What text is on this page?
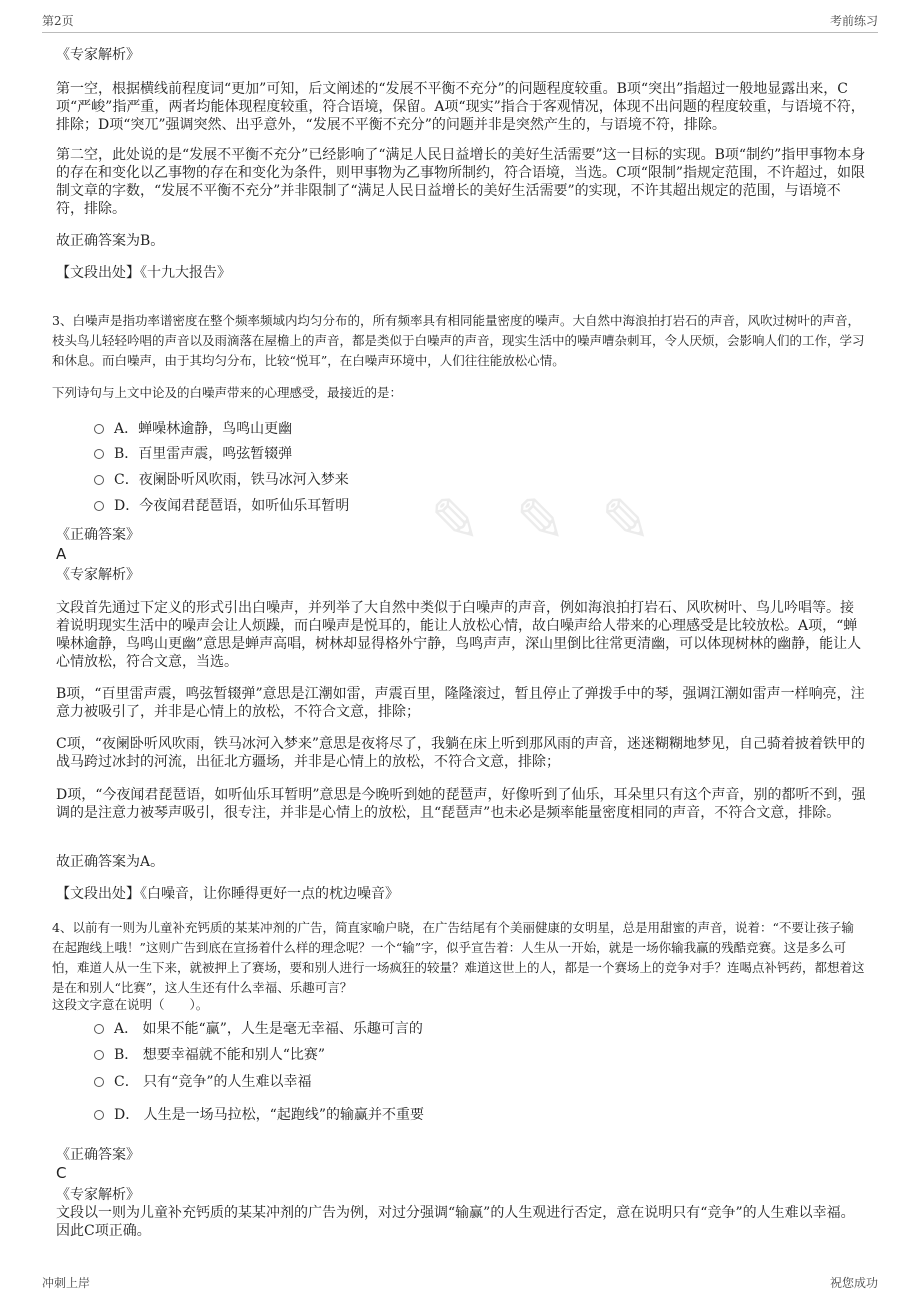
第2页	考前练习
✎ ✎ ✎
《专家解析》
第一空，根据横线前程度词“更加”可知，后文阐述的“发展不平衡不充分”的问题程度较重。B项“突出”指超过一般地显露出来，C项“严峻”指严重，两者均能体现程度较重，符合语境，保留。A项“现实”指合于客观情况，体现不出问题的程度较重，与语境不符，排除；D项“突兀”强调突然、出乎意外，“发展不平衡不充分”的问题并非是突然产生的，与语境不符，排除。
第二空，此处说的是“发展不平衡不充分”已经影响了“满足人民日益增长的美好生活需要”这一目标的实现。B项“制约”指甲事物本身的存在和变化以乙事物的存在和变化为条件，则甲事物为乙事物所制约，符合语境，当选。C项“限制”指规定范围，不许超过，如限制文章的字数，“发展不平衡不充分”并非限制了“满足人民日益增长的美好生活需要”的实现，不许其超出规定的范围，与语境不符，排除。
故正确答案为B。
【文段出处】《十九大报告》
3、白噪声是指功率谱密度在整个频率频域内均匀分布的，所有频率具有相同能量密度的噪声。大自然中海浪拍打岩石的声音，风吹过树叶的声音，枝头鸟儿轻轻吟唱的声音以及雨滴落在屋檐上的声音，都是类似于白噪声的声音，现实生活中的噪声嘈杂刺耳，令人厌烦，会影响人们的工作，学习和休息。而白噪声，由于其均匀分布，比较“悦耳”，在白噪声环境中，人们往往能放松心情。
下列诗句与上文中论及的白噪声带来的心理感受，最接近的是：
A．蝉噪林逾静，鸟鸣山更幽
B．百里雷声震，鸣弦暂辍弹
C．夜阑卧听风吹雨，铁马冰河入梦来
D．今夜闻君琵琶语，如听仙乐耳暂明
《正确答案》
A
《专家解析》
文段首先通过下定义的形式引出白噪声，并列举了大自然中类似于白噪声的声音，例如海浪拍打岩石、风吹树叶、鸟儿吟唱等。接着说明现实生活中的噪声会让人烦躁，而白噪声是悦耳的，能让人放松心情，故白噪声给人带来的心理感受是比较放松。A项，“蝉噪林逾静，鸟鸣山更幽”意思是蝉声高唱，树林却显得格外宁静，鸟鸣声声，深山里倒比往常更清幽，可以体现树林的幽静，能让人心情放松，符合文意，当选。
B项，“百里雷声震，鸣弦暂辍弹”意思是江潮如雷，声震百里，隆隆滚过，暂且停止了弹拨手中的琴，强调江潮如雷声一样响亮，注意力被吸引了，并非是心情上的放松，不符合文意，排除；
C项，“夜阑卧听风吹雨，铁马冰河入梦来”意思是夜将尽了，我躺在床上听到那风雨的声音，迷迷糊糊地梦见，自己骑着披着铁甲的战马跨过冰封的河流，出征北方疆场，并非是心情上的放松，不符合文意，排除；
D项，“今夜闻君琵琶语，如听仙乐耳暂明”意思是今晚听到她的琵琶声，好像听到了仙乐，耳朵里只有这个声音，别的都听不到，强调的是注意力被琴声吸引，很专注，并非是心情上的放松，且“琵琶声”也未必是频率能量密度相同的声音，不符合文意，排除。
故正确答案为A。
【文段出处】《白噪音，让你睡得更好一点的枕边噪音》
4、以前有一则为儿童补充钙质的某某冲剂的广告，简直家喻户晓，在广告结尾有个美丽健康的女明星，总是用甜蜜的声音，说着：“不要让孩子输在起跑线上哦！”这则广告到底在宣扬着什么样的理念呢？一个“输”字，似乎宣告着：人生从一开始，就是一场你输我赢的残酷竞赛。这是多么可怕，难道人从一生下来，就被押上了赛场，要和别人进行一场疯狂的较量？难道这世上的人，都是一个赛场上的竞争对手？连喝点补钙药，都想着这是在和别人“比赛”，这人生还有什么幸福、乐趣可言？
这段文字意在说明（　　）。
A． 如果不能“赢”，人生是毫无幸福、乐趣可言的
B． 想要幸福就不能和别人“比赛”
C． 只有“竞争”的人生难以幸福
D． 人生是一场马拉松，“起跑线”的输赢并不重要
《正确答案》
C
《专家解析》
文段以一则为儿童补充钙质的某某冲剂的广告为例，对过分强调“输赢”的人生观进行否定，意在说明只有“竞争”的人生难以幸福。因此C项正确。
冲刺上岸	祝您成功
